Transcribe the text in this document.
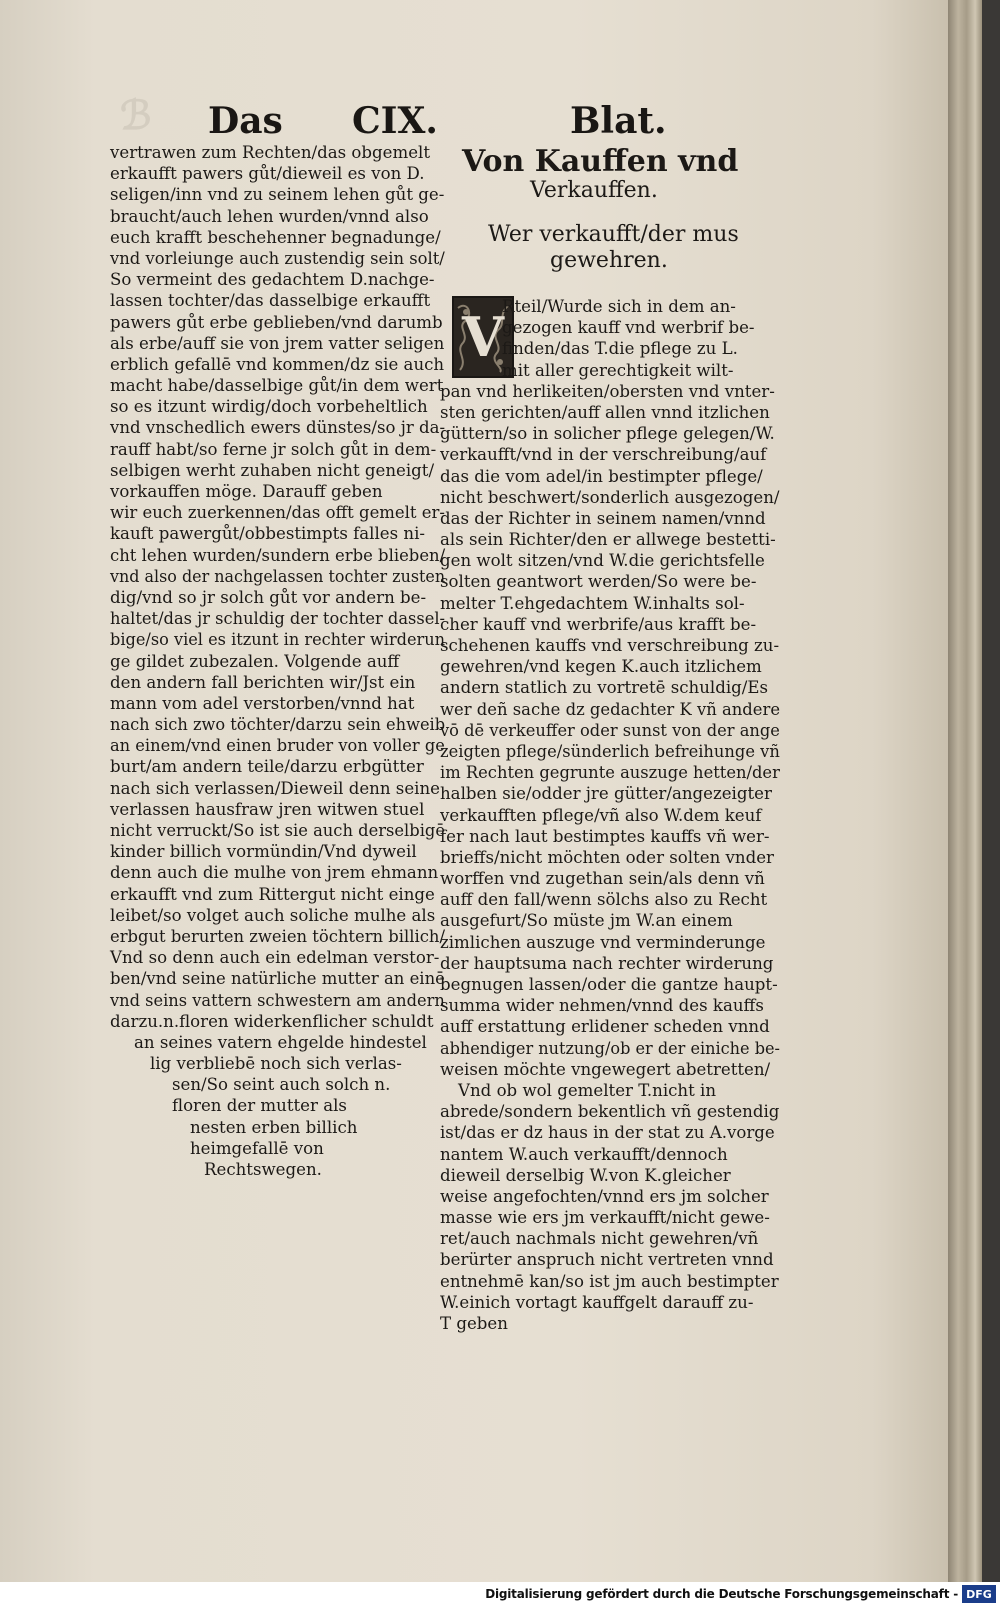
ℬ Das CIX.	Blat.
vertrawen zum Rechten/das obgemelt
erkaufft pawers gůt/dieweil es von D.
seligen/inn vnd zu seinem lehen gůt ge-
braucht/auch lehen wurden/vnnd also
euch krafft beschehenner begnadunge/
vnd vorleiunge auch zustendig sein solt/
So vermeint des gedachtem D.nachge-
lassen tochter/das dasselbige erkaufft
pawers gůt erbe geblieben/vnd darumb
als erbe/auff sie von jrem vatter seligen
erblich gefallē vnd kommen/dz sie auch
macht habe/dasselbige gůt/in dem wert
so es itzunt wirdig/doch vorbeheltlich
vnd vnschedlich ewers dünstes/so jr da-
rauff habt/so ferne jr solch gůt in dem-
selbigen werht zuhaben nicht geneigt/
vorkauffen möge. Darauff geben
wir euch zuerkennen/das offt gemelt er-
kauft pawergůt/obbestimpts falles ni-
cht lehen wurden/sundern erbe blieben/
vnd also der nachgelassen tochter zusten
dig/vnd so jr solch gůt vor andern be-
haltet/das jr schuldig der tochter dassel-
bige/so viel es itzunt in rechter wirderun
ge gildet zubezalen. Volgende auff
den andern fall berichten wir/Jst ein
mann vom adel verstorben/vnnd hat
nach sich zwo töchter/darzu sein ehweib
an einem/vnd einen bruder von voller ge
burt/am andern teile/darzu erbgütter
nach sich verlassen/Dieweil denn seine
verlassen hausfraw jren witwen stuel
nicht verruckt/So ist sie auch derselbigē
kinder billich vormündin/Vnd dyweil
denn auch die mulhe von jrem ehmann
erkaufft vnd zum Rittergut nicht einge
leibet/so volget auch soliche mulhe als
erbgut berurten zweien töchtern billich/
Vnd so denn auch ein edelman verstor-
ben/vnd seine natürliche mutter an einē
vnd seins vattern schwestern am andern
darzu.n.floren widerkenflicher schuldt
an seines vatern ehgelde hindestel
lig verbliebē noch sich verlas-
sen/So seint auch solch n.
floren der mutter als
nesten erben billich
heimgefallē von
Rechtswegen.
Von Kauffen vnd
Verkauffen.
Wer verkaufft/der mus
gewehren.
V
Rteil/Wurde sich in dem an-
gezogen kauff vnd werbrif be-
finden/das T.die pflege zu L.
mit aller gerechtigkeit wilt-
pan vnd herlikeiten/obersten vnd vnter-
sten gerichten/auff allen vnnd itzlichen
güttern/so in solicher pflege gelegen/W.
verkaufft/vnd in der verschreibung/auf
das die vom adel/in bestimpter pflege/
nicht beschwert/sonderlich ausgezogen/
das der Richter in seinem namen/vnnd
als sein Richter/den er allwege bestetti-
gen wolt sitzen/vnd W.die gerichtsfelle
solten geantwort werden/So were be-
melter T.ehgedachtem W.inhalts sol-
cher kauff vnd werbrife/aus krafft be-
schehenen kauffs vnd verschreibung zu-
gewehren/vnd kegen K.auch itzlichem
andern statlich zu vortretē schuldig/Es
wer deñ sache dz gedachter K vñ andere
vō dē verkeuffer oder sunst von der ange
zeigten pflege/sünderlich befreihunge vñ
im Rechten gegrunte auszuge hetten/der
halben sie/odder jre gütter/angezeigter
verkaufften pflege/vñ also W.dem keuf
fer nach laut bestimptes kauffs vñ wer-
brieffs/nicht möchten oder solten vnder
worffen vnd zugethan sein/als denn vñ
auff den fall/wenn sölchs also zu Recht
ausgefurt/So müste jm W.an einem
zimlichen auszuge vnd verminderunge
der hauptsuma nach rechter wirderung
begnugen lassen/oder die gantze haupt-
summa wider nehmen/vnnd des kauffs
auff erstattung erlidener scheden vnnd
abhendiger nutzung/ob er der einiche be-
weisen möchte vngewegert abetretten/
Vnd ob wol gemelter T.nicht in
abrede/sondern bekentlich vñ gestendig
ist/das er dz haus in der stat zu A.vorge
nantem W.auch verkaufft/dennoch
dieweil derselbig W.von K.gleicher
weise angefochten/vnnd ers jm solcher
masse wie ers jm verkaufft/nicht gewe-
ret/auch nachmals nicht gewehren/vñ
berürter anspruch nicht vertreten vnnd
entnehmē kan/so ist jm auch bestimpter
W.einich vortagt kauffgelt darauff zu-
T geben
Digitalisierung gefördert durch die Deutsche Forschungsgemeinschaft - DFG
